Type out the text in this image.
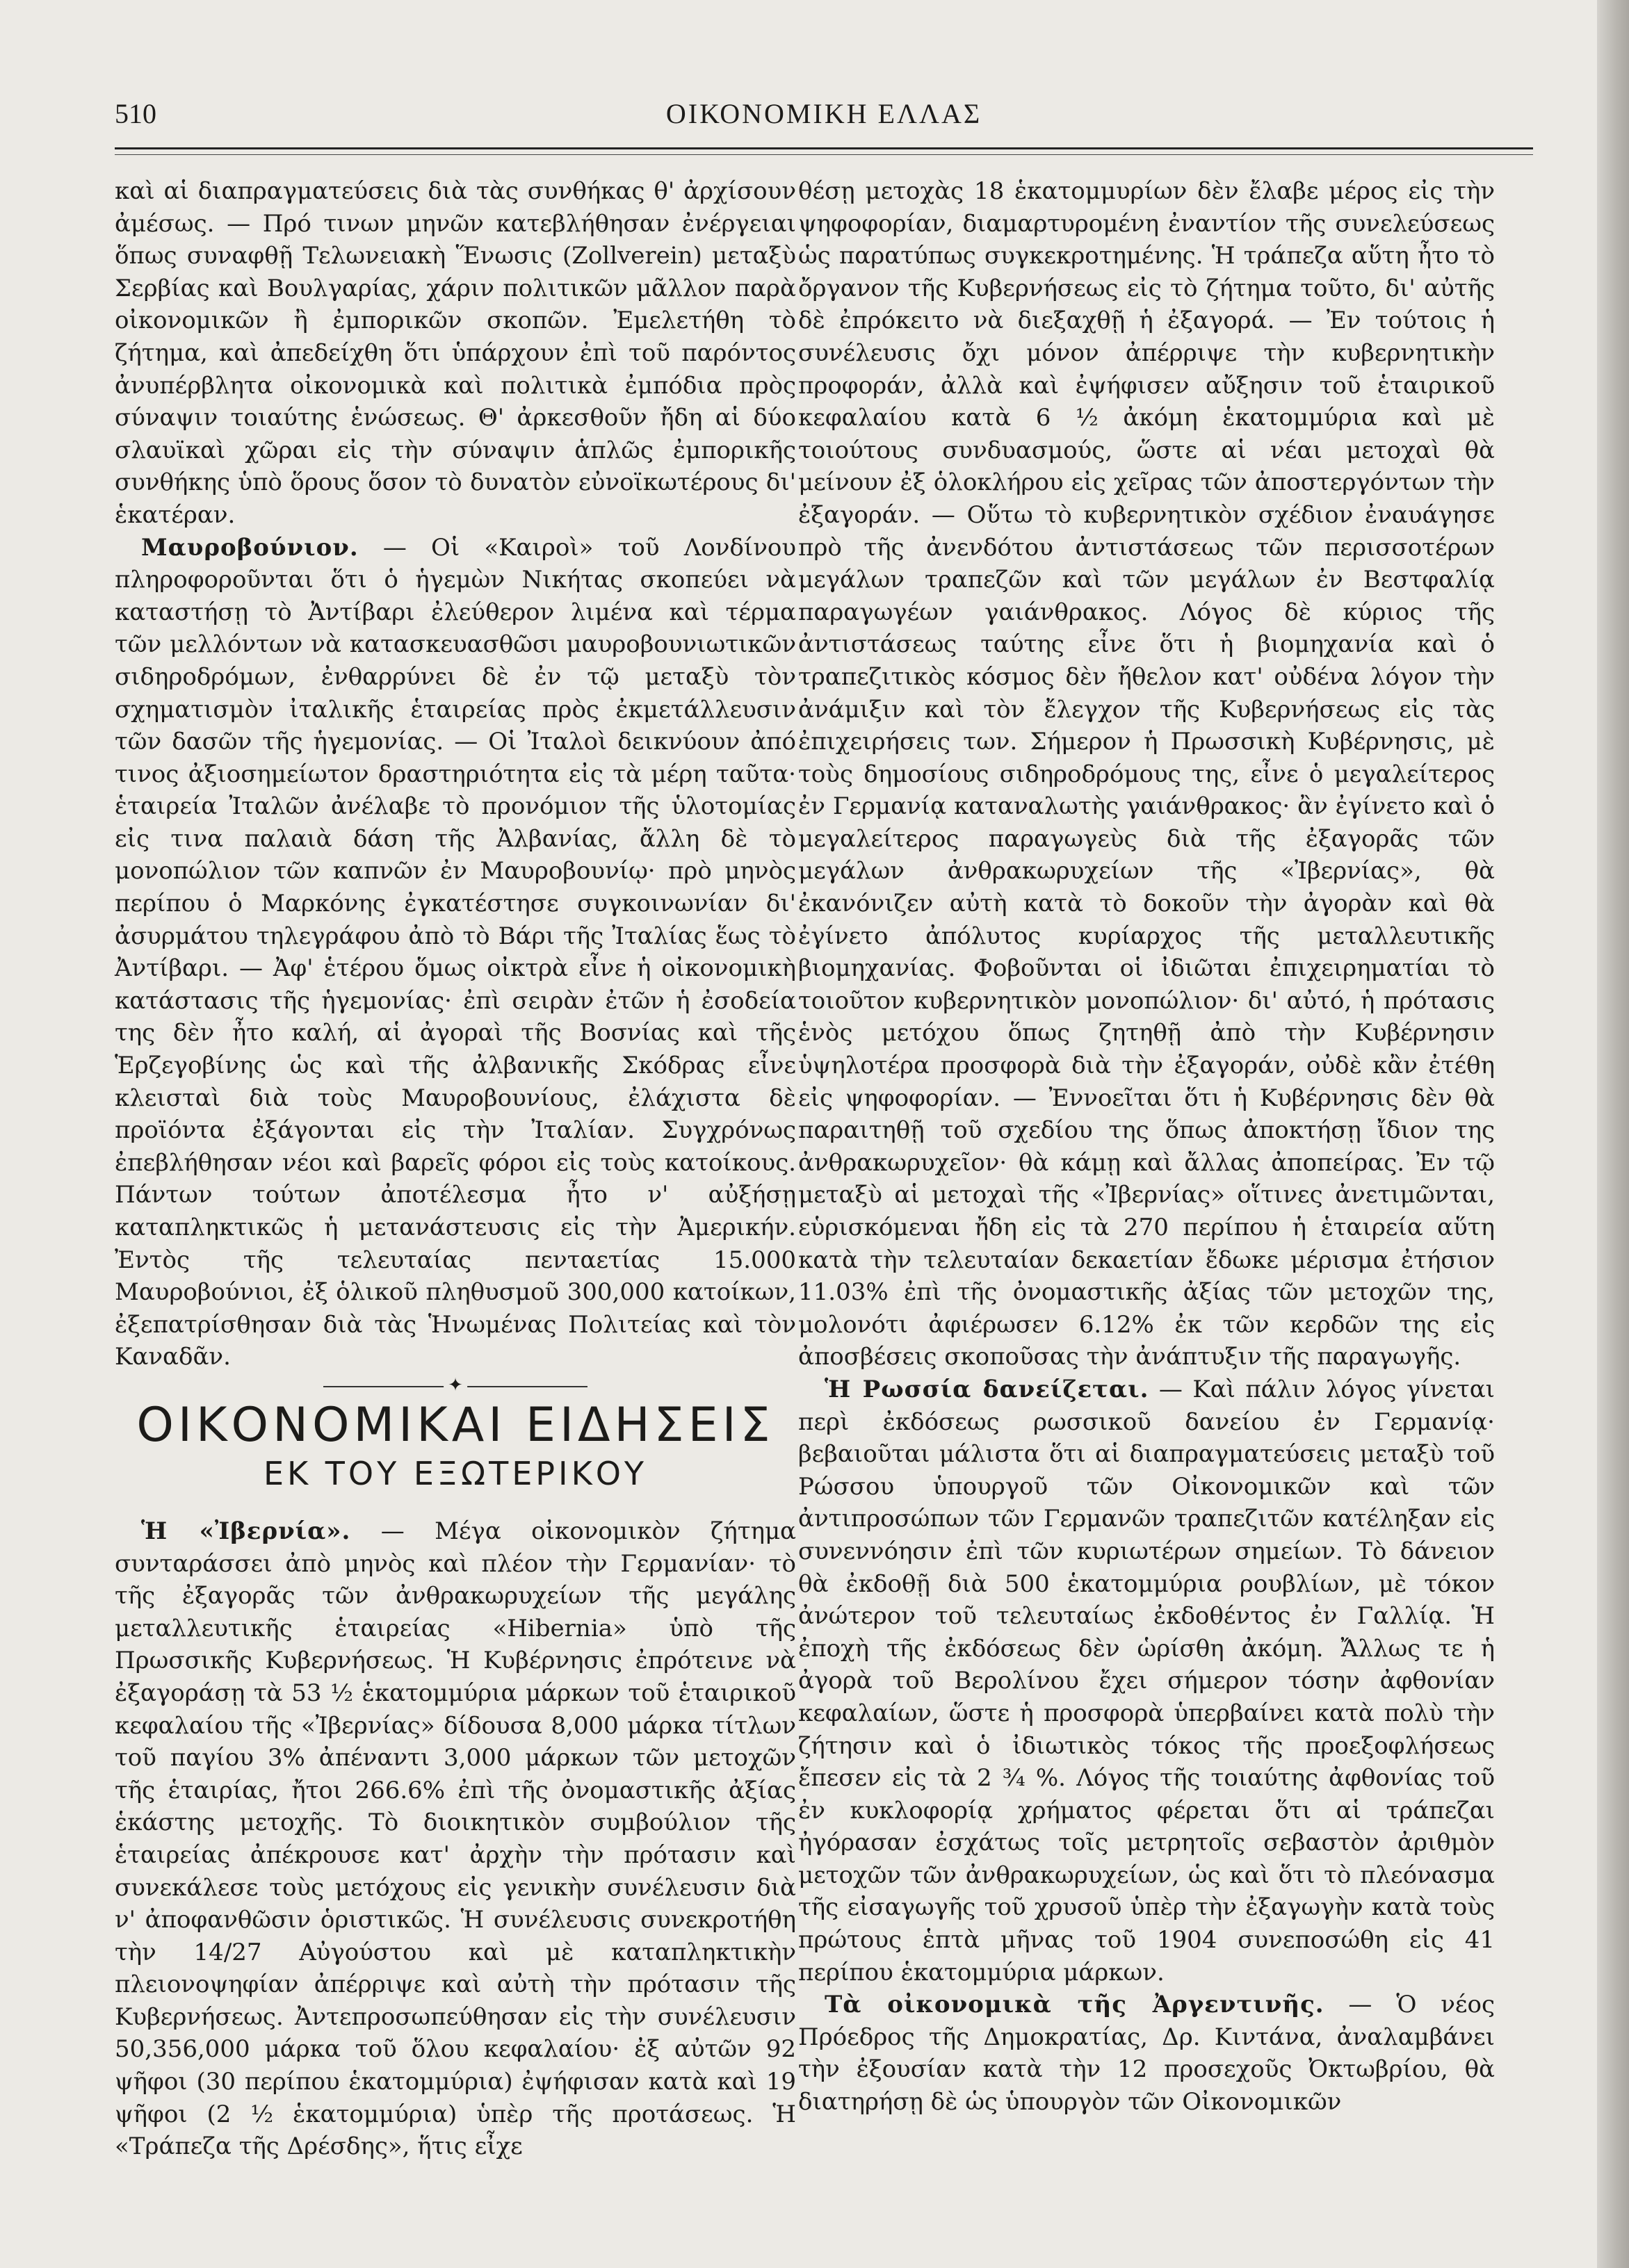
510	ΟΙΚΟΝΟΜΙΚΗ ΕΛΛΑΣ

καὶ αἱ διαπραγματεύσεις διὰ τὰς συνθήκας θ' ἀρχίσουν ἀμέσως. — Πρό τινων μηνῶν κατεβλήθησαν ἐνέργειαι ὅπως συναφθῇ Τελωνειακὴ Ἕνωσις (Zollverein) μεταξὺ Σερβίας καὶ Βουλγαρίας, χάριν πολιτικῶν μᾶλλον παρὰ οἰκονομικῶν ἢ ἐμπορικῶν σκοπῶν. Ἐμελετήθη τὸ ζήτημα, καὶ ἀπεδείχθη ὅτι ὑπάρχουν ἐπὶ τοῦ παρόντος ἀνυπέρβλητα οἰκονομικὰ καὶ πολιτικὰ ἐμπόδια πρὸς σύναψιν τοιαύτης ἑνώσεως. Θ' ἀρκεσθοῦν ἤδη αἱ δύο σλαυϊκαὶ χῶραι εἰς τὴν σύναψιν ἁπλῶς ἐμπορικῆς συνθήκης ὑπὸ ὅρους ὅσον τὸ δυνατὸν εὐνοϊκωτέρους δι' ἑκατέραν.

Μαυροβούνιον. — Οἱ «Καιροὶ» τοῦ Λονδίνου πληροφοροῦνται ὅτι ὁ ἡγεμὼν Νικήτας σκοπεύει νὰ καταστήσῃ τὸ Ἀντίβαρι ἐλεύθερον λιμένα καὶ τέρμα τῶν μελλόντων νὰ κατασκευασθῶσι μαυροβουνιωτικῶν σιδηροδρόμων, ἐνθαρρύνει δὲ ἐν τῷ μεταξὺ τὸν σχηματισμὸν ἰταλικῆς ἑταιρείας πρὸς ἐκμετάλλευσιν τῶν δασῶν τῆς ἡγεμονίας. — Οἱ Ἰταλοὶ δεικνύουν ἀπό τινος ἀξιοσημείωτον δραστηριότητα εἰς τὰ μέρη ταῦτα· ἑταιρεία Ἰταλῶν ἀνέλαβε τὸ προνόμιον τῆς ὑλοτομίας εἰς τινα παλαιὰ δάση τῆς Ἀλβανίας, ἄλλη δὲ τὸ μονοπώλιον τῶν καπνῶν ἐν Μαυροβουνίῳ· πρὸ μηνὸς περίπου ὁ Μαρκόνης ἐγκατέστησε συγκοινωνίαν δι' ἀσυρμάτου τηλεγράφου ἀπὸ τὸ Βάρι τῆς Ἰταλίας ἕως τὸ Ἀντίβαρι. — Ἀφ' ἑτέρου ὅμως οἰκτρὰ εἶνε ἡ οἰκονομικὴ κατάστασις τῆς ἡγεμονίας· ἐπὶ σειρὰν ἐτῶν ἡ ἐσοδεία της δὲν ἦτο καλή, αἱ ἀγοραὶ τῆς Βοσνίας καὶ τῆς Ἑρζεγοβίνης ὡς καὶ τῆς ἀλβανικῆς Σκόδρας εἶνε κλεισταὶ διὰ τοὺς Μαυροβουνίους, ἐλάχιστα δὲ προϊόντα ἐξάγονται εἰς τὴν Ἰταλίαν. Συγχρόνως ἐπεβλήθησαν νέοι καὶ βαρεῖς φόροι εἰς τοὺς κατοίκους. Πάντων τούτων ἀποτέλεσμα ἦτο ν' αὐξήσῃ καταπληκτικῶς ἡ μετανάστευσις εἰς τὴν Ἀμερικήν. Ἐντὸς τῆς τελευταίας πενταετίας 15.000 Μαυροβούνιοι, ἐξ ὁλικοῦ πληθυσμοῦ 300,000 κατοίκων, ἐξεπατρίσθησαν διὰ τὰς Ἡνωμένας Πολιτείας καὶ τὸν Καναδᾶν.

✦
ΟΙΚΟΝΟΜΙΚΑΙ ΕΙΔΗΣΕΙΣ
ΕΚ ΤΟΥ ΕΞΩΤΕΡΙΚΟΥ

Ἡ «Ἰβερνία». — Μέγα οἰκονομικὸν ζήτημα συνταράσσει ἀπὸ μηνὸς καὶ πλέον τὴν Γερμανίαν· τὸ τῆς ἐξαγορᾶς τῶν ἀνθρακωρυχείων τῆς μεγάλης μεταλλευτικῆς ἑταιρείας «Hibernia» ὑπὸ τῆς Πρωσσικῆς Κυβερνήσεως. Ἡ Κυβέρνησις ἐπρότεινε νὰ ἐξαγοράσῃ τὰ 53 ½ ἑκατομμύρια μάρκων τοῦ ἑταιρικοῦ κεφαλαίου τῆς «Ἰβερνίας» δίδουσα 8,000 μάρκα τίτλων τοῦ παγίου 3% ἀπέναντι 3,000 μάρκων τῶν μετοχῶν τῆς ἑταιρίας, ἤτοι 266.6% ἐπὶ τῆς ὀνομαστικῆς ἀξίας ἑκάστης μετοχῆς. Τὸ διοικητικὸν συμβούλιον τῆς ἑταιρείας ἀπέκρουσε κατ' ἀρχὴν τὴν πρότασιν καὶ συνεκάλεσε τοὺς μετόχους εἰς γενικὴν συνέλευσιν διὰ ν' ἀποφανθῶσιν ὁριστικῶς. Ἡ συνέλευσις συνεκροτήθη τὴν 14/27 Αὐγούστου καὶ μὲ καταπληκτικὴν πλειονοψηφίαν ἀπέρριψε καὶ αὐτὴ τὴν πρότασιν τῆς Κυβερνήσεως. Ἀντεπροσωπεύθησαν εἰς τὴν συνέλευσιν 50,356,000 μάρκα τοῦ ὅλου κεφαλαίου· ἐξ αὐτῶν 92 ψῆφοι (30 περίπου ἑκατομμύρια) ἐψήφισαν κατὰ καὶ 19 ψῆφοι (2 ½ ἑκατομμύρια) ὑπὲρ τῆς προτάσεως. Ἡ «Τράπεζα τῆς Δρέσδης», ἥτις εἶχε

θέσῃ μετοχὰς 18 ἑκατομμυρίων δὲν ἔλαβε μέρος εἰς τὴν ψηφοφορίαν, διαμαρτυρομένη ἐναντίον τῆς συνελεύσεως ὡς παρατύπως συγκεκροτημένης. Ἡ τράπεζα αὕτη ἦτο τὸ ὄργανον τῆς Κυβερνήσεως εἰς τὸ ζήτημα τοῦτο, δι' αὐτῆς δὲ ἐπρόκειτο νὰ διεξαχθῇ ἡ ἐξαγορά. — Ἐν τούτοις ἡ συνέλευσις ὄχι μόνον ἀπέρριψε τὴν κυβερνητικὴν προφοράν, ἀλλὰ καὶ ἐψήφισεν αὔξησιν τοῦ ἑταιρικοῦ κεφαλαίου κατὰ 6 ½ ἀκόμη ἑκατομμύρια καὶ μὲ τοιούτους συνδυασμούς, ὥστε αἱ νέαι μετοχαὶ θὰ μείνουν ἐξ ὁλοκλήρου εἰς χεῖρας τῶν ἀποστεργόντων τὴν ἐξαγοράν. — Οὕτω τὸ κυβερνητικὸν σχέδιον ἐναυάγησε πρὸ τῆς ἀνενδότου ἀντιστάσεως τῶν περισσοτέρων μεγάλων τραπεζῶν καὶ τῶν μεγάλων ἐν Βεστφαλίᾳ παραγωγέων γαιάνθρακος. Λόγος δὲ κύριος τῆς ἀντιστάσεως ταύτης εἶνε ὅτι ἡ βιομηχανία καὶ ὁ τραπεζιτικὸς κόσμος δὲν ἤθελον κατ' οὐδένα λόγον τὴν ἀνάμιξιν καὶ τὸν ἔλεγχον τῆς Κυβερνήσεως εἰς τὰς ἐπιχειρήσεις των. Σήμερον ἡ Πρωσσικὴ Κυβέρνησις, μὲ τοὺς δημοσίους σιδηροδρόμους της, εἶνε ὁ μεγαλείτερος ἐν Γερμανίᾳ καταναλωτὴς γαιάνθρακος· ἂν ἐγίνετο καὶ ὁ μεγαλείτερος παραγωγεὺς διὰ τῆς ἐξαγορᾶς τῶν μεγάλων ἀνθρακωρυχείων τῆς «Ἰβερνίας», θὰ ἐκανόνιζεν αὐτὴ κατὰ τὸ δοκοῦν τὴν ἀγορὰν καὶ θὰ ἐγίνετο ἀπόλυτος κυρίαρχος τῆς μεταλλευτικῆς βιομηχανίας. Φοβοῦνται οἱ ἰδιῶται ἐπιχειρηματίαι τὸ τοιοῦτον κυβερνητικὸν μονοπώλιον· δι' αὐτό, ἡ πρότασις ἑνὸς μετόχου ὅπως ζητηθῇ ἀπὸ τὴν Κυβέρνησιν ὑψηλοτέρα προσφορὰ διὰ τὴν ἐξαγοράν, οὐδὲ κἂν ἐτέθη εἰς ψηφοφορίαν. — Ἐννοεῖται ὅτι ἡ Κυβέρνησις δὲν θὰ παραιτηθῇ τοῦ σχεδίου της ὅπως ἀποκτήσῃ ἴδιον της ἀνθρακωρυχεῖον· θὰ κάμῃ καὶ ἄλλας ἀποπείρας. Ἐν τῷ μεταξὺ αἱ μετοχαὶ τῆς «Ἰβερνίας» οἵτινες ἀνετιμῶνται, εὑρισκόμεναι ἤδη εἰς τὰ 270 περίπου ἡ ἑταιρεία αὕτη κατὰ τὴν τελευταίαν δεκαετίαν ἔδωκε μέρισμα ἐτήσιον 11.03% ἐπὶ τῆς ὀνομαστικῆς ἀξίας τῶν μετοχῶν της, μολονότι ἀφιέρωσεν 6.12% ἐκ τῶν κερδῶν της εἰς ἀποσβέσεις σκοποῦσας τὴν ἀνάπτυξιν τῆς παραγωγῆς.

Ἡ Ρωσσία δανείζεται. — Καὶ πάλιν λόγος γίνεται περὶ ἐκδόσεως ρωσσικοῦ δανείου ἐν Γερμανίᾳ· βεβαιοῦται μάλιστα ὅτι αἱ διαπραγματεύσεις μεταξὺ τοῦ Ρώσσου ὑπουργοῦ τῶν Οἰκονομικῶν καὶ τῶν ἀντιπροσώπων τῶν Γερμανῶν τραπεζιτῶν κατέληξαν εἰς συνεννόησιν ἐπὶ τῶν κυριωτέρων σημείων. Τὸ δάνειον θὰ ἐκδοθῇ διὰ 500 ἑκατομμύρια ρουβλίων, μὲ τόκον ἀνώτερον τοῦ τελευταίως ἐκδοθέντος ἐν Γαλλίᾳ. Ἡ ἐποχὴ τῆς ἐκδόσεως δὲν ὡρίσθη ἀκόμη. Ἄλλως τε ἡ ἀγορὰ τοῦ Βερολίνου ἔχει σήμερον τόσην ἀφθονίαν κεφαλαίων, ὥστε ἡ προσφορὰ ὑπερβαίνει κατὰ πολὺ τὴν ζήτησιν καὶ ὁ ἰδιωτικὸς τόκος τῆς προεξοφλήσεως ἔπεσεν εἰς τὰ 2 ¾ %. Λόγος τῆς τοιαύτης ἀφθονίας τοῦ ἐν κυκλοφορίᾳ χρήματος φέρεται ὅτι αἱ τράπεζαι ἠγόρασαν ἐσχάτως τοῖς μετρητοῖς σεβαστὸν ἀριθμὸν μετοχῶν τῶν ἀνθρακωρυχείων, ὡς καὶ ὅτι τὸ πλεόνασμα τῆς εἰσαγωγῆς τοῦ χρυσοῦ ὑπὲρ τὴν ἐξαγωγὴν κατὰ τοὺς πρώτους ἑπτὰ μῆνας τοῦ 1904 συνεποσώθη εἰς 41 περίπου ἑκατομμύρια μάρκων.

Τὰ οἰκονομικὰ τῆς Ἀργεντινῆς. — Ὁ νέος Πρόεδρος τῆς Δημοκρατίας, Δρ. Κιντάνα, ἀναλαμβάνει τὴν ἐξουσίαν κατὰ τὴν 12 προσεχοῦς Ὀκτωβρίου, θὰ διατηρήσῃ δὲ ὡς ὑπουργὸν τῶν Οἰκονομικῶν
